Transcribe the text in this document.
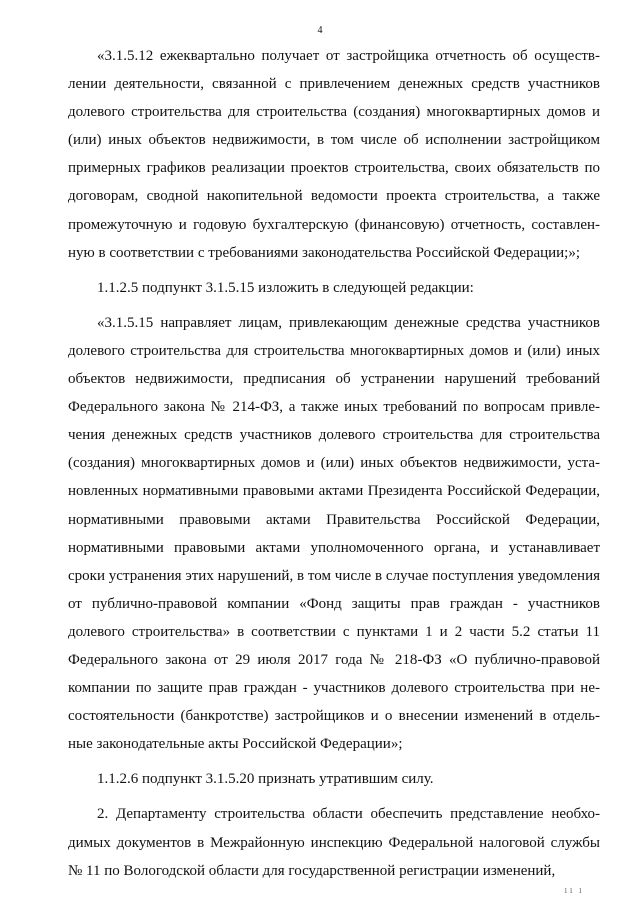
4

«3.1.5.12 ежеквартально получает от застройщика отчетность об осуществлении деятельности, связанной с привлечением денежных средств участников долевого строительства для строительства (создания) многоквартирных домов и (или) иных объектов недвижимости, в том числе об исполнении застройщиком примерных графиков реализации проектов строительства, своих обязательств по договорам, сводной накопительной ведомости проекта строительства, а также промежуточную и годовую бухгалтерскую (финансовую) отчетность, составленную в соответствии с требованиями законодательства Российской Федерации;»;

1.1.2.5 подпункт 3.1.5.15 изложить в следующей редакции:

«3.1.5.15 направляет лицам, привлекающим денежные средства участников долевого строительства для строительства многоквартирных домов и (или) иных объектов недвижимости, предписания об устранении нарушений требований Федерального закона № 214-ФЗ, а также иных требований по вопросам привлечения денежных средств участников долевого строительства для строительства (создания) многоквартирных домов и (или) иных объектов недвижимости, установленных нормативными правовыми актами Президента Российской Федерации, нормативными правовыми актами Правительства Российской Федерации, нормативными правовыми актами уполномоченного органа, и устанавливает сроки устранения этих нарушений, в том числе в случае поступления уведомления от публично-правовой компании «Фонд защиты прав граждан - участников долевого строительства» в соответствии с пунктами 1 и 2 части 5.2 статьи 11 Федерального закона от 29 июля 2017 года № 218-ФЗ «О публично-правовой компании по защите прав граждан - участников долевого строительства при несостоятельности (банкротстве) застройщиков и о внесении изменений в отдельные законодательные акты Российской Федерации»;

1.1.2.6 подпункт 3.1.5.20 признать утратившим силу.

2. Департаменту строительства области обеспечить представление необходимых документов в Межрайонную инспекцию Федеральной налоговой службы № 11 по Вологодской области для государственной регистрации изменений,

11 1
